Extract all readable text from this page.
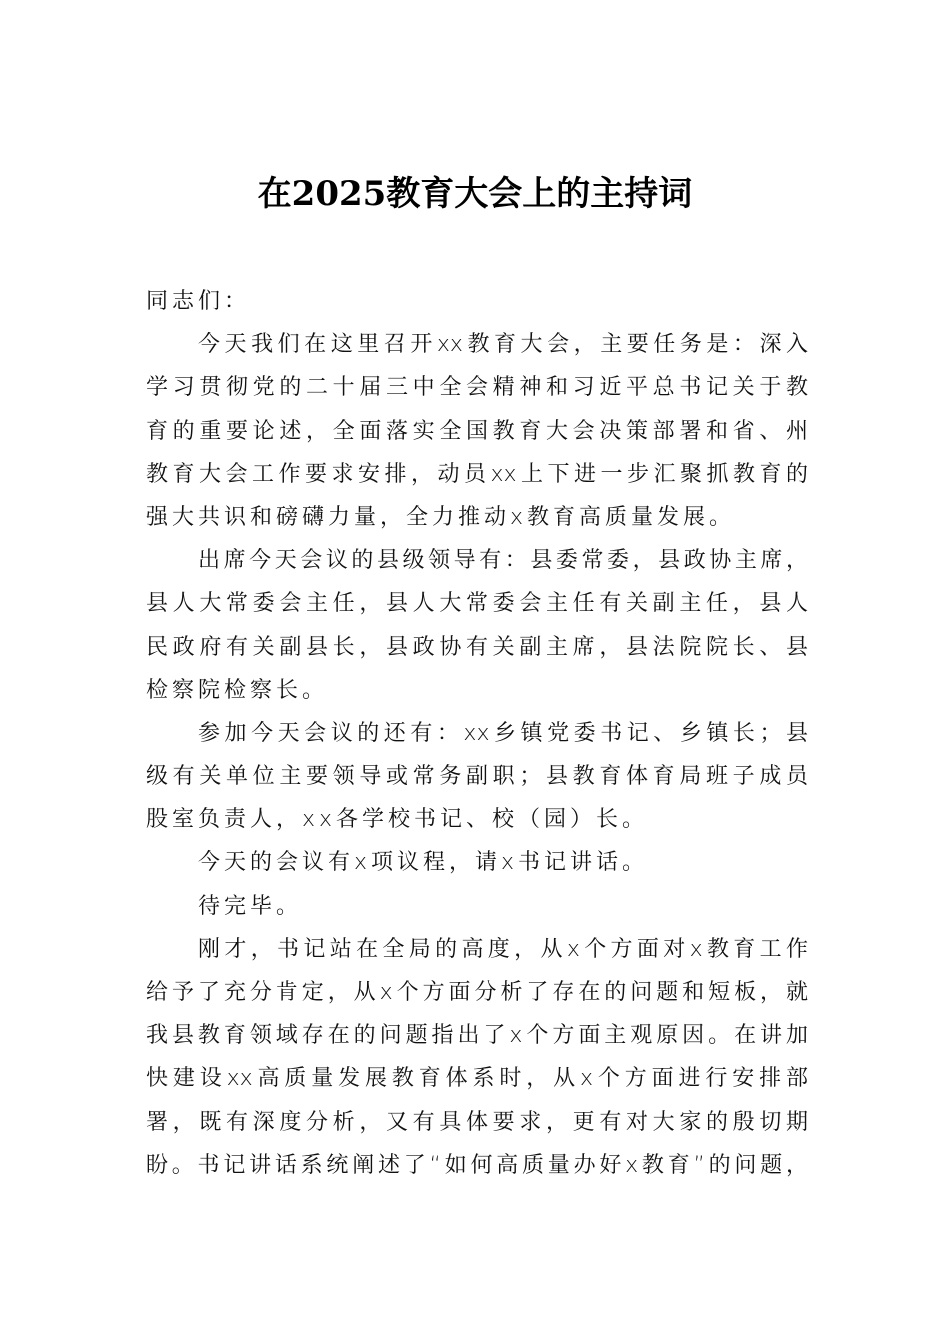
在2025教育大会上的主持词
同志们：
今天我们在这里召开xx教育大会，主要任务是：深入
学习贯彻党的二十届三中全会精神和习近平总书记关于教
育的重要论述，全面落实全国教育大会决策部署和省、州
教育大会工作要求安排，动员xx上下进一步汇聚抓教育的
强大共识和磅礴力量，全力推动x教育高质量发展。
出席今天会议的县级领导有：县委常委，县政协主席，
县人大常委会主任，县人大常委会主任有关副主任，县人
民政府有关副县长，县政协有关副主席，县法院院长、县
检察院检察长。
参加今天会议的还有：xx乡镇党委书记、乡镇长；县
级有关单位主要领导或常务副职；县教育体育局班子成员
股室负责人，xx各学校书记、校（园）长。
今天的会议有x项议程，请x书记讲话。
待完毕。
刚才，书记站在全局的高度，从x个方面对x教育工作
给予了充分肯定，从x个方面分析了存在的问题和短板，就
我县教育领域存在的问题指出了x个方面主观原因。在讲加
快建设xx高质量发展教育体系时，从x个方面进行安排部
署，既有深度分析，又有具体要求，更有对大家的殷切期
盼。书记讲话系统阐述了“如何高质量办好x教育”的问题，
